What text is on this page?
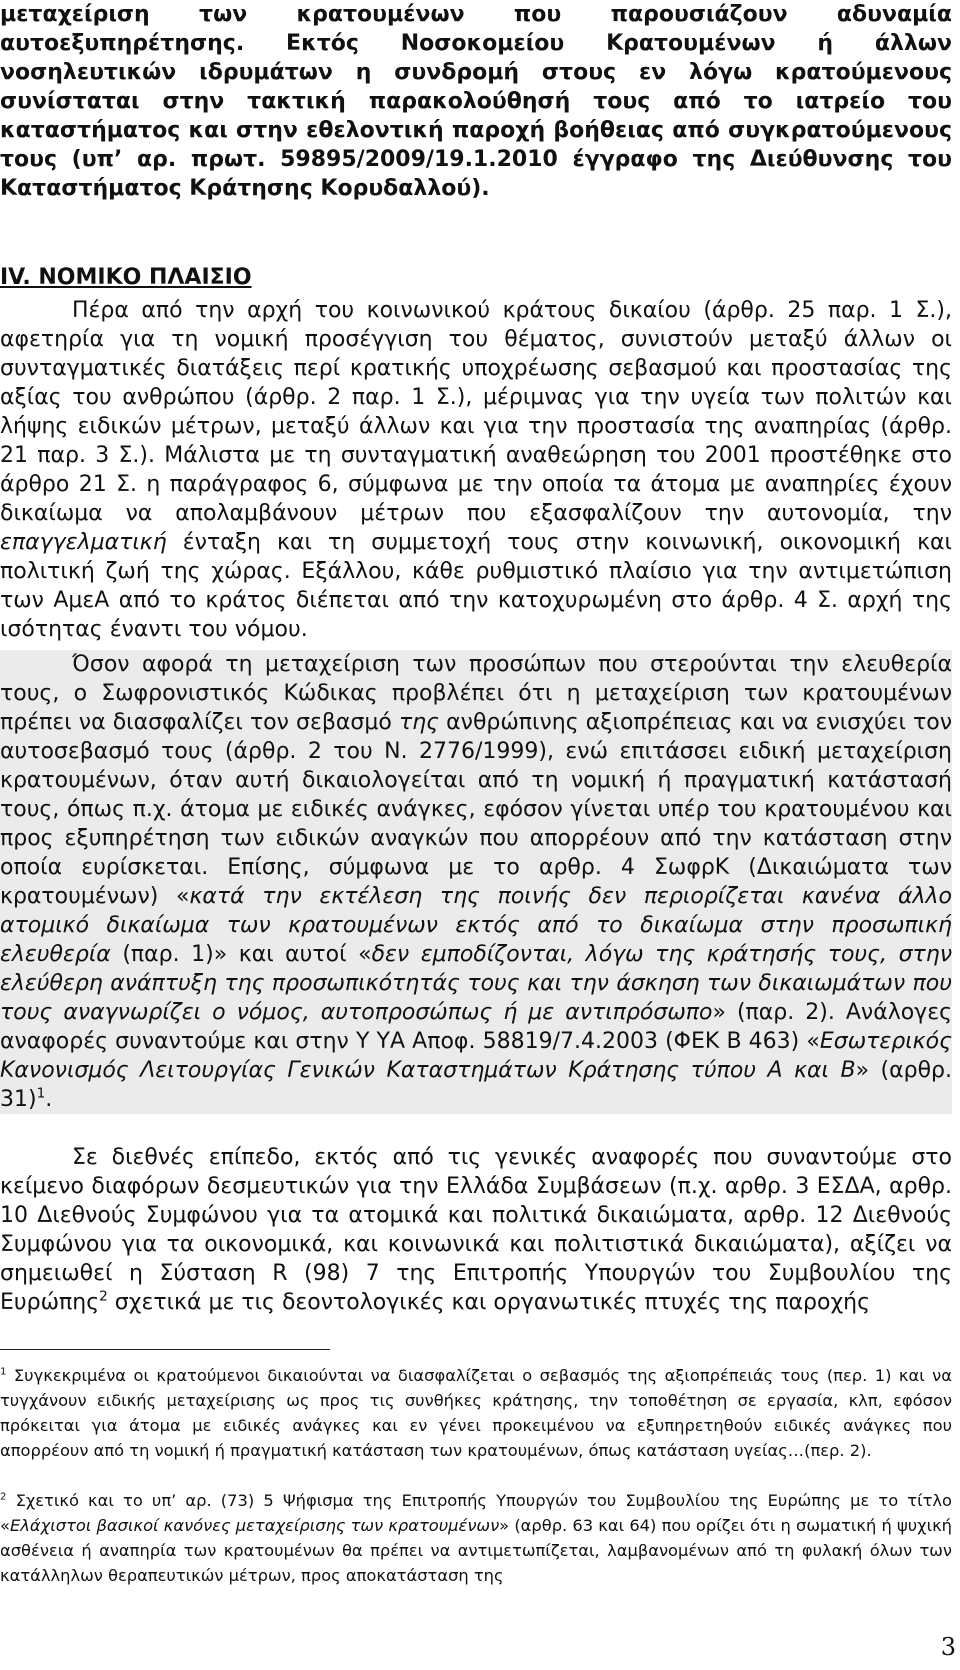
μεταχείριση των κρατουμένων που παρουσιάζουν αδυναμία αυτοεξυπηρέτησης. Εκτός Νοσοκομείου Κρατουμένων ή άλλων νοσηλευτικών ιδρυμάτων η συνδρομή στους εν λόγω κρατούμενους συνίσταται στην τακτική παρακολούθησή τους από το ιατρείο του καταστήματος και στην εθελοντική παροχή βοήθειας από συγκρατούμενους τους (υπ’ αρ. πρωτ. 59895/2009/19.1.2010 έγγραφο της Διεύθυνσης του Καταστήματος Κράτησης Κορυδαλλού).

IV. ΝΟΜΙΚΟ ΠΛΑΙΣΙΟ

Πέρα από την αρχή του κοινωνικού κράτους δικαίου (άρθρ. 25 παρ. 1 Σ.), αφετηρία για τη νομική προσέγγιση του θέματος, συνιστούν μεταξύ άλλων οι συνταγματικές διατάξεις περί κρατικής υποχρέωσης σεβασμού και προστασίας της αξίας του ανθρώπου (άρθρ. 2 παρ. 1 Σ.), μέριμνας για την υγεία των πολιτών και λήψης ειδικών μέτρων, μεταξύ άλλων και για την προστασία της αναπηρίας (άρθρ. 21 παρ. 3 Σ.). Μάλιστα με τη συνταγματική αναθεώρηση του 2001 προστέθηκε στο άρθρο 21 Σ. η παράγραφος 6, σύμφωνα με την οποία τα άτομα με αναπηρίες έχουν δικαίωμα να απολαμβάνουν μέτρων που εξασφαλίζουν την αυτονομία, την επαγγελματική ένταξη και τη συμμετοχή τους στην κοινωνική, οικονομική και πολιτική ζωή της χώρας. Εξάλλου, κάθε ρυθμιστικό πλαίσιο για την αντιμετώπιση των ΑμεΑ από το κράτος διέπεται από την κατοχυρωμένη στο άρθρ. 4 Σ. αρχή της ισότητας έναντι του νόμου.

Όσον αφορά τη μεταχείριση των προσώπων που στερούνται την ελευθερία τους, ο Σωφρονιστικός Κώδικας προβλέπει ότι η μεταχείριση των κρατουμένων πρέπει να διασφαλίζει τον σεβασμό της ανθρώπινης αξιοπρέπειας και να ενισχύει τον αυτοσεβασμό τους (άρθρ. 2 του Ν. 2776/1999), ενώ επιτάσσει ειδική μεταχείριση κρατουμένων, όταν αυτή δικαιολογείται από τη νομική ή πραγματική κατάστασή τους, όπως π.χ. άτομα με ειδικές ανάγκες, εφόσον γίνεται υπέρ του κρατουμένου και προς εξυπηρέτηση των ειδικών αναγκών που απορρέουν από την κατάσταση στην οποία ευρίσκεται. Επίσης, σύμφωνα με το αρθρ. 4 ΣωφρΚ (Δικαιώματα των κρατουμένων) «κατά την εκτέλεση της ποινής δεν περιορίζεται κανένα άλλο ατομικό δικαίωμα των κρατουμένων εκτός από το δικαίωμα στην προσωπική ελευθερία (παρ. 1)» και αυτοί «δεν εμποδίζονται, λόγω της κράτησής τους, στην ελεύθερη ανάπτυξη της προσωπικότητάς τους και την άσκηση των δικαιωμάτων που τους αναγνωρίζει ο νόμος, αυτοπροσώπως ή με αντιπρόσωπο» (παρ. 2). Ανάλογες αναφορές συναντούμε και στην Υ ΥΑ Αποφ. 58819/7.4.2003 (ΦΕΚ Β 463) «Εσωτερικός Κανονισμός Λειτουργίας Γενικών Καταστημάτων Κράτησης τύπου Α και Β» (αρθρ. 31)$^1$.

Σε διεθνές επίπεδο, εκτός από τις γενικές αναφορές που συναντούμε στο κείμενο διαφόρων δεσμευτικών για την Ελλάδα Συμβάσεων (π.χ. αρθρ. 3 ΕΣΔΑ, αρθρ. 10 Διεθνούς Συμφώνου για τα ατομικά και πολιτικά δικαιώματα, αρθρ. 12 Διεθνούς Συμφώνου για τα οικονομικά, και κοινωνικά και πολιτιστικά δικαιώματα), αξίζει να σημειωθεί η Σύσταση R (98) 7 της Επιτροπής Υπουργών του Συμβουλίου της Ευρώπης$^2$ σχετικά με τις δεοντολογικές και οργανωτικές πτυχές της παροχής

$^1$ Συγκεκριμένα οι κρατούμενοι δικαιούνται να διασφαλίζεται ο σεβασμός της αξιοπρέπειάς τους (περ. 1) και να τυγχάνουν ειδικής μεταχείρισης ως προς τις συνθήκες κράτησης, την τοποθέτηση σε εργασία, κλπ, εφόσον πρόκειται για άτομα με ειδικές ανάγκες και εν γένει προκειμένου να εξυπηρετηθούν ειδικές ανάγκες που απορρέουν από τη νομική ή πραγματική κατάσταση των κρατουμένων, όπως κατάσταση υγείας…(περ. 2).

$^2$ Σχετικό και το υπ’ αρ. (73) 5 Ψήφισμα της Επιτροπής Υπουργών του Συμβουλίου της Ευρώπης με το τίτλο «Ελάχιστοι βασικοί κανόνες μεταχείρισης των κρατουμένων» (αρθρ. 63 και 64) που ορίζει ότι η σωματική ή ψυχική ασθένεια ή αναπηρία των κρατουμένων θα πρέπει να αντιμετωπίζεται, λαμβανομένων από τη φυλακή όλων των κατάλληλων θεραπευτικών μέτρων, προς αποκατάσταση της

3
